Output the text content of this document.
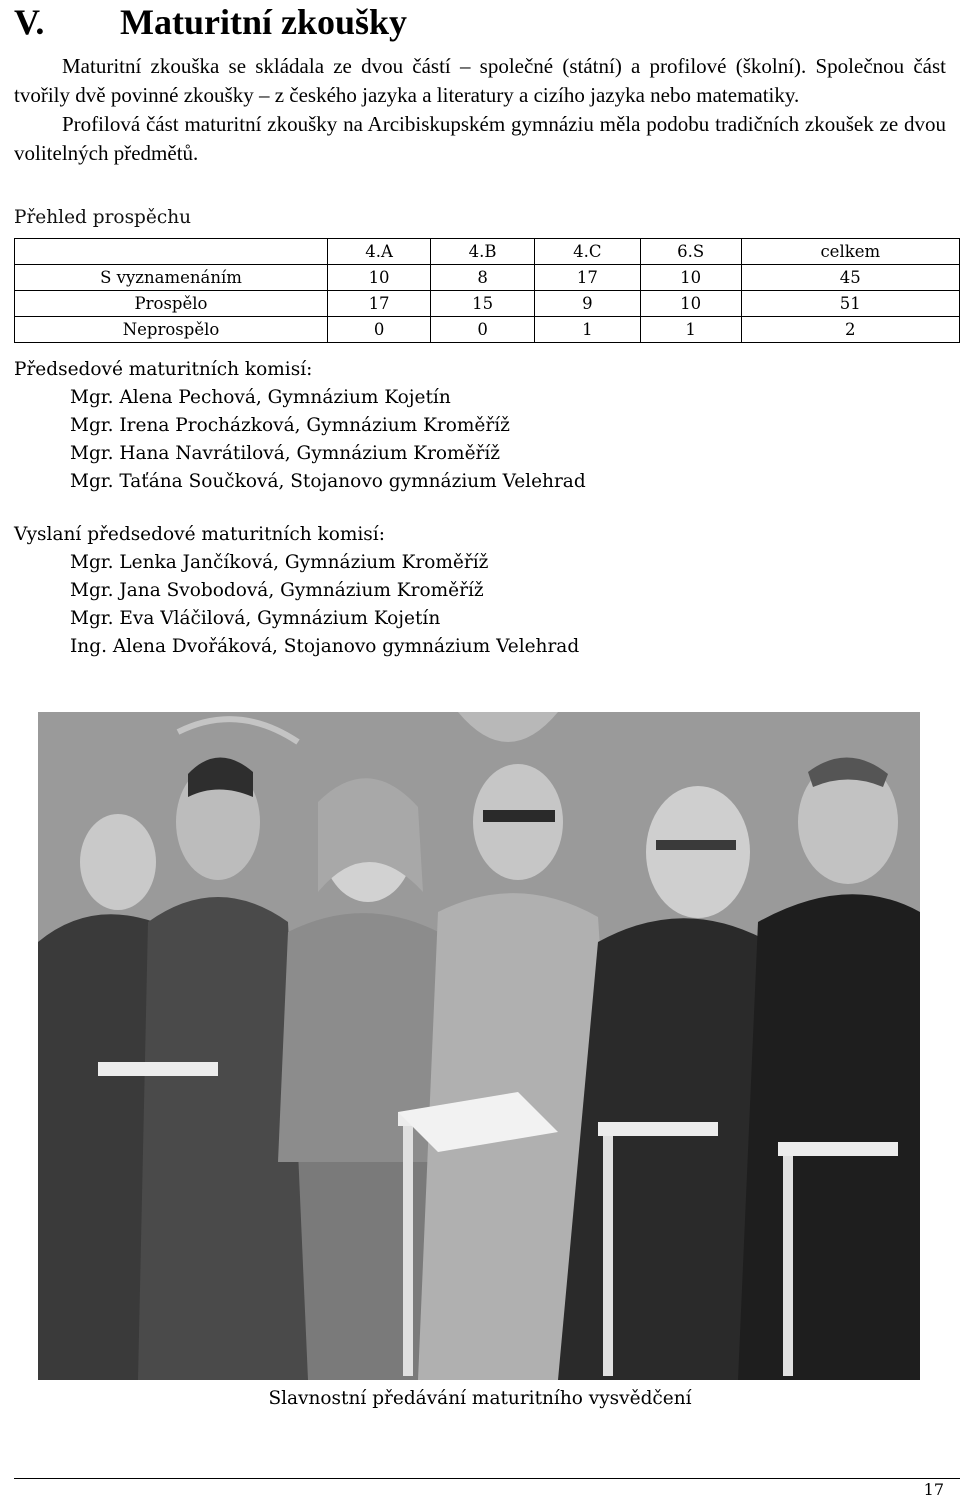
V. Maturitní zkoušky

Maturitní zkouška se skládala ze dvou částí – společné (státní) a profilové (školní). Společnou část tvořily dvě povinné zkoušky – z českého jazyka a literatury a cizího jazyka nebo matematiky.

Profilová část maturitní zkoušky na Arcibiskupském gymnáziu měla podobu tradičních zkoušek ze dvou volitelných předmětů.

Přehled prospěchu
	4.A	4.B	4.C	6.S	celkem
S vyznamenáním	10	8	17	10	45
Prospělo	17	15	9	10	51
Neprospělo	0	0	1	1	2
Předsedové maturitních komisí:
Mgr. Alena Pechová, Gymnázium Kojetín
Mgr. Irena Procházková, Gymnázium Kroměříž
Mgr. Hana Navrátilová, Gymnázium Kroměříž
Mgr. Taťána Součková, Stojanovo gymnázium Velehrad
Vyslaní předsedové maturitních komisí:
Mgr. Lenka Jančíková, Gymnázium Kroměříž
Mgr. Jana Svobodová, Gymnázium Kroměříž
Mgr. Eva Vláčilová, Gymnázium Kojetín
Ing. Alena Dvořáková, Stojanovo gymnázium Velehrad
Slavnostní předávání maturitního vysvědčení
17
